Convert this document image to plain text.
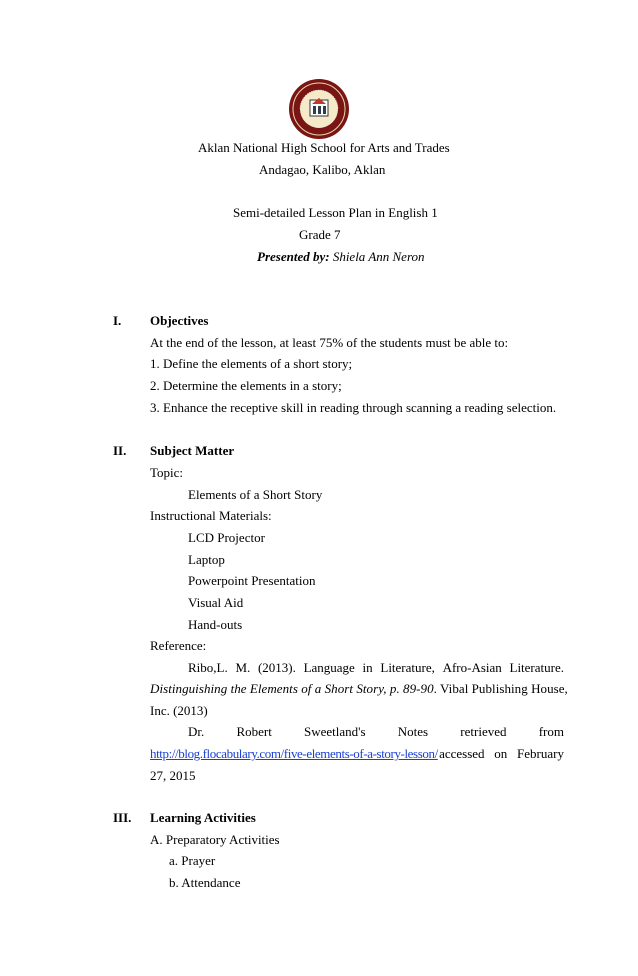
Aklan National High School for Arts and Trades
Andagao, Kalibo, Aklan
Semi-detailed Lesson Plan in English 1
Grade 7
Presented by: Shiela Ann Neron
I. Objectives
At the end of the lesson, at least 75% of the students must be able to:
1. Define the elements of a short story;
2. Determine the elements in a story;
3. Enhance the receptive skill in reading through scanning a reading selection.
II. Subject Matter
Topic:
Elements of a Short Story
Instructional Materials:
LCD Projector
Laptop
Powerpoint Presentation
Visual Aid
Hand-outs
Reference:
Ribo,L. M. (2013). Language in Literature, Afro-Asian Literature.
Distinguishing the Elements of a Short Story, p. 89-90. Vibal Publishing House,
Inc. (2013)
Dr. Robert Sweetland's Notes retrieved from
http://blog.flocabulary.com/five-elements-of-a-story-lesson/ accessed   on   February
27, 2015
III. Learning Activities
A. Preparatory Activities
a. Prayer
b. Attendance
